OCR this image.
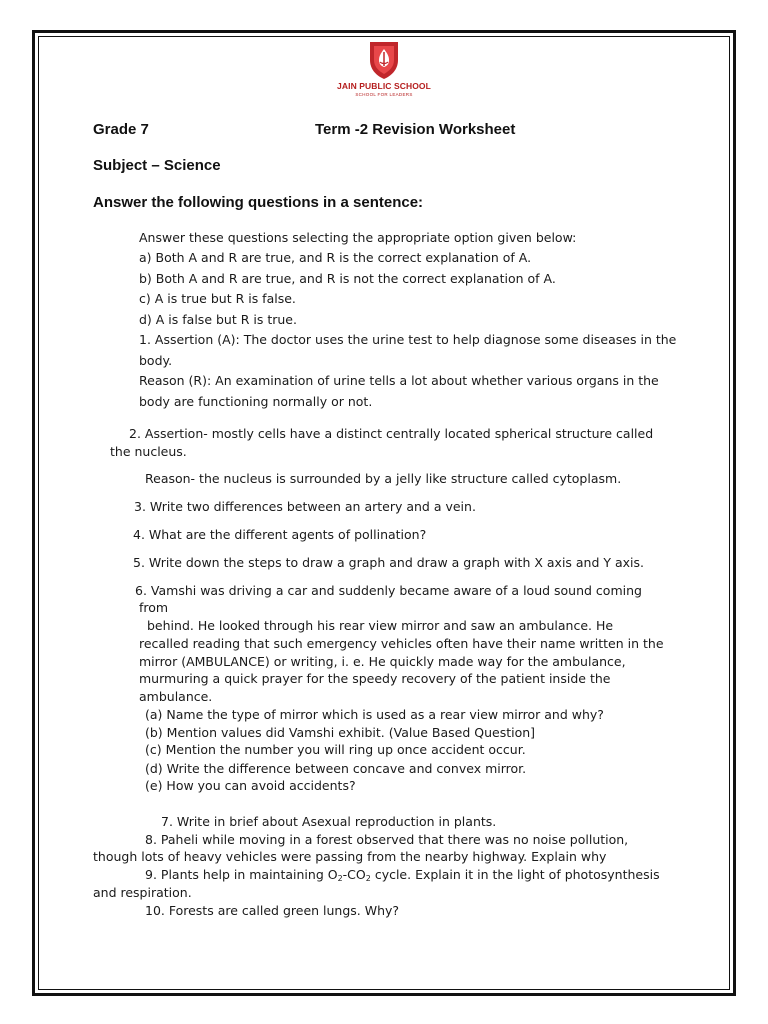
JAIN PUBLIC SCHOOL
SCHOOL FOR LEADERS
Grade 7	Term -2 Revision Worksheet
Subject – Science
Answer the following questions in a sentence:
Answer these questions selecting the appropriate option given below:
a) Both A and R are true, and R is the correct explanation of A.
b) Both A and R are true, and R is not the correct explanation of A.
c) A is true but R is false.
d) A is false but R is true.
1. Assertion (A): The doctor uses the urine test to help diagnose some diseases in the
body.
Reason (R): An examination of urine tells a lot about whether various organs in the
body are functioning normally or not.
2. Assertion- mostly cells have a distinct centrally located spherical structure called
the nucleus.
Reason- the nucleus is surrounded by a jelly like structure called cytoplasm.
3. Write two differences between an artery and a vein.
4. What are the different agents of pollination?
5. Write down the steps to draw a graph and draw a graph with X axis and Y axis.
6. Vamshi was driving a car and suddenly became aware of a loud sound coming
from
behind. He looked through his rear view mirror and saw an ambulance. He
recalled reading that such emergency vehicles often have their name written in the
mirror (AMBULANCE) or writing, i. e. He quickly made way for the ambulance,
murmuring a quick prayer for the speedy recovery of the patient inside the
ambulance.
(a) Name the type of mirror which is used as a rear view mirror and why?
(b) Mention values did Vamshi exhibit. (Value Based Question]
(c) Mention the number you will ring up once accident occur.
(d) Write the difference between concave and convex mirror.
(e) How you can avoid accidents?
7. Write in brief about Asexual reproduction in plants.
8. Paheli while moving in a forest observed that there was no noise pollution,
though lots of heavy vehicles were passing from the nearby highway. Explain why
9. Plants help in maintaining $O_2-CO_2$ cycle. Explain it in the light of photosynthesis
and respiration.
10. Forests are called green lungs. Why?
